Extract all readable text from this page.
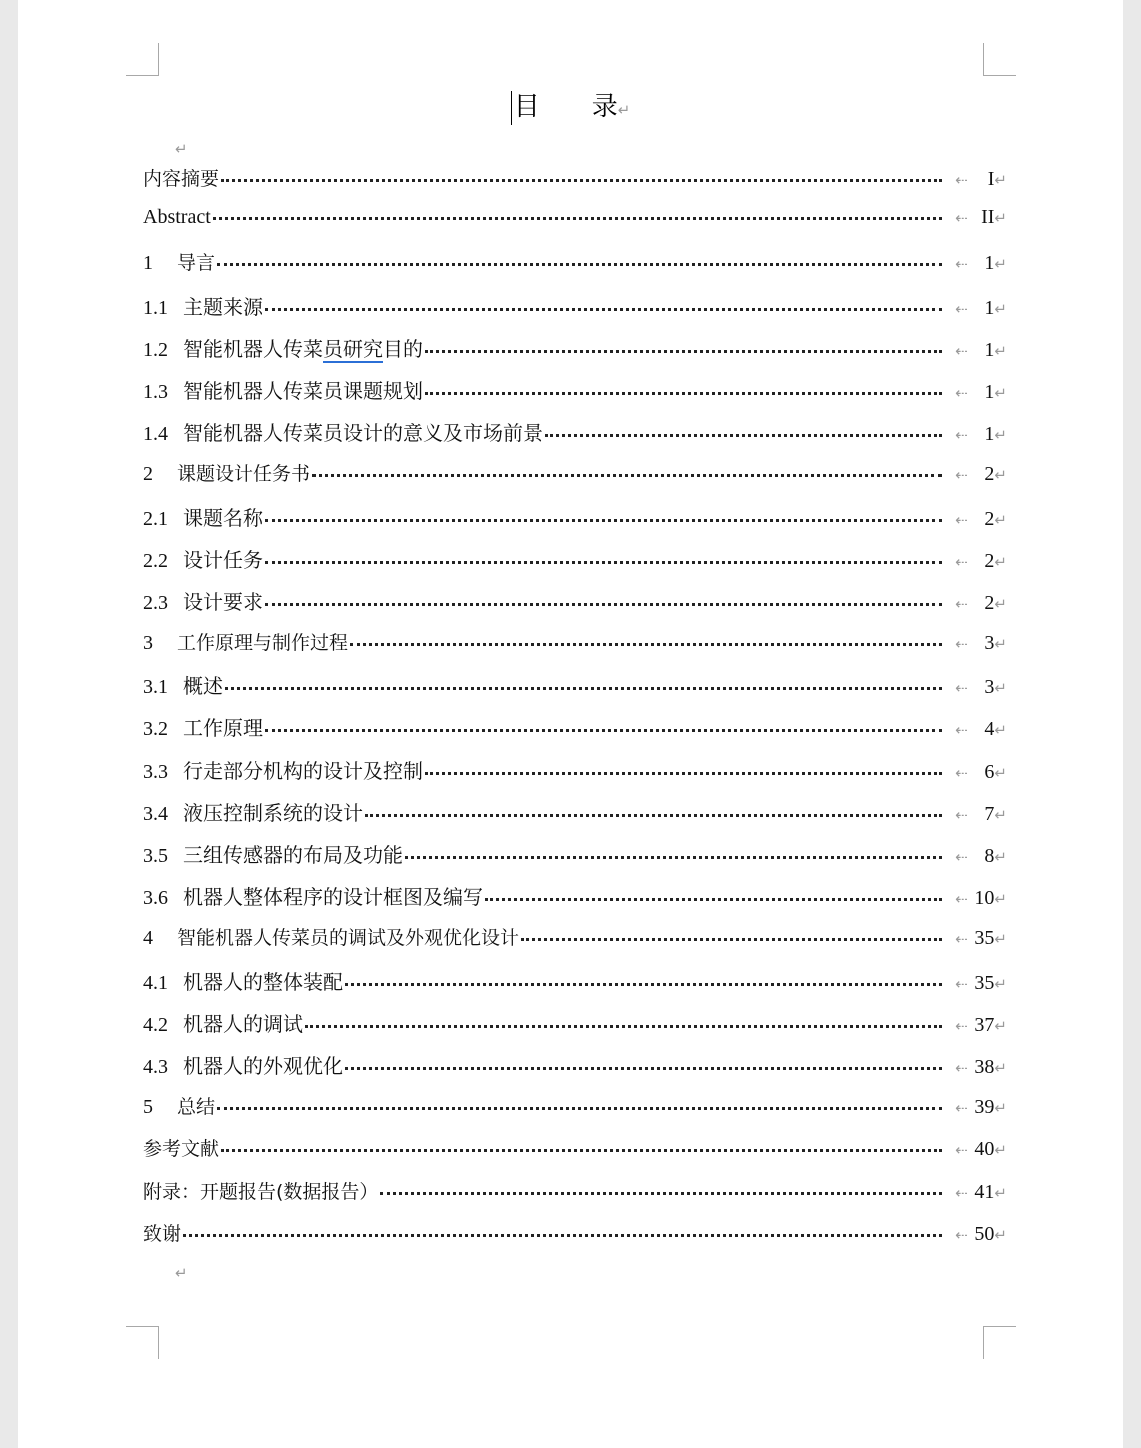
目 录↵
↵
内容摘要	⇠	I ↵
Abstract	⇠ II ↵
1 导言	⇠ 1 ↵
1.1 主题来源	⇠ 1 ↵
1.2 智能机器人传菜员研究目的	⇠ 1 ↵
1.3 智能机器人传菜员课题规划	⇠ 1 ↵
1.4 智能机器人传菜员设计的意义及市场前景	⇠ 1 ↵
2 课题设计任务书	⇠ 2 ↵
2.1 课题名称	⇠ 2 ↵
2.2 设计任务	⇠ 2 ↵
2.3 设计要求	⇠ 2 ↵
3 工作原理与制作过程	⇠ 3 ↵
3.1 概述	⇠ 3 ↵
3.2 工作原理	⇠ 4 ↵
3.3 行走部分机构的设计及控制	⇠ 6 ↵
3.4 液压控制系统的设计	⇠ 7 ↵
3.5 三组传感器的布局及功能	⇠ 8 ↵
3.6 机器人整体程序的设计框图及编写	⇠ 10 ↵
4 智能机器人传菜员的调试及外观优化设计	⇠ 35 ↵
4.1 机器人的整体装配	⇠ 35 ↵
4.2 机器人的调试	⇠ 37 ↵
4.3 机器人的外观优化	⇠ 38 ↵
5 总结	⇠ 39 ↵
参考文献	⇠ 40 ↵
附录：开题报告(数据报告）	⇠ 41 ↵
致谢	⇠ 50 ↵
↵
